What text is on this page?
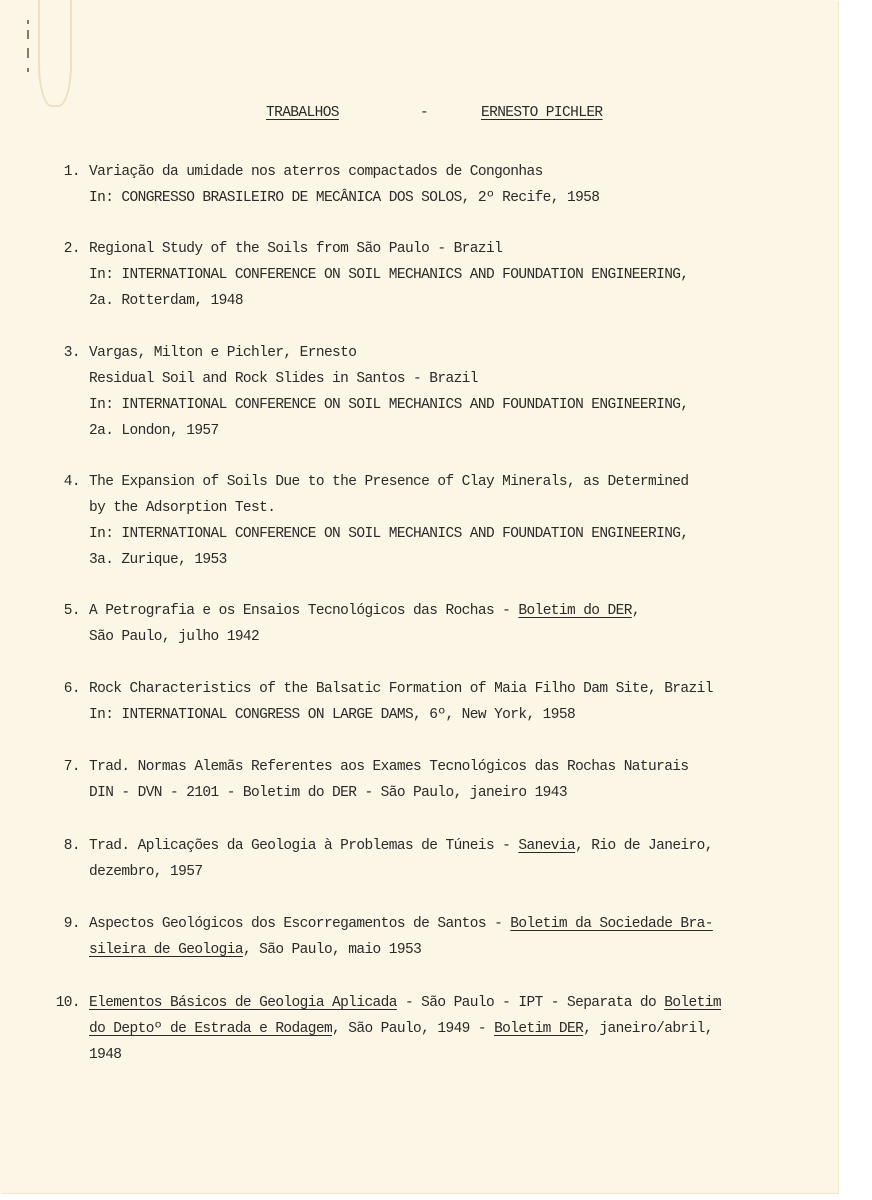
TRABALHOS	-	ERNESTO PICHLER
1. Variação da umidade nos aterros compactados de Congonhas
In: CONGRESSO BRASILEIRO DE MECÂNICA DOS SOLOS, 2º Recife, 1958
2. Regional Study of the Soils from São Paulo - Brazil
In: INTERNATIONAL CONFERENCE ON SOIL MECHANICS AND FOUNDATION ENGINEERING,
2a. Rotterdam, 1948
3. Vargas, Milton e Pichler, Ernesto
Residual Soil and Rock Slides in Santos - Brazil
In: INTERNATIONAL CONFERENCE ON SOIL MECHANICS AND FOUNDATION ENGINEERING,
2a. London, 1957
4. The Expansion of Soils Due to the Presence of Clay Minerals, as Determined
by the Adsorption Test.
In: INTERNATIONAL CONFERENCE ON SOIL MECHANICS AND FOUNDATION ENGINEERING,
3a. Zurique, 1953
5. A Petrografia e os Ensaios Tecnológicos das Rochas - Boletim do DER,
São Paulo, julho 1942
6. Rock Characteristics of the Balsatic Formation of Maia Filho Dam Site, Brazil
In: INTERNATIONAL CONGRESS ON LARGE DAMS, 6º, New York, 1958
7. Trad. Normas Alemãs Referentes aos Exames Tecnológicos das Rochas Naturais
DIN - DVN - 2101 - Boletim do DER - São Paulo, janeiro 1943
8. Trad. Aplicações da Geologia à Problemas de Túneis - Sanevia, Rio de Janeiro,
dezembro, 1957
9. Aspectos Geológicos dos Escorregamentos de Santos - Boletim da Sociedade Bra-
sileira de Geologia, São Paulo, maio 1953
10. Elementos Básicos de Geologia Aplicada - São Paulo - IPT - Separata do Boletim
do Deptoº de Estrada e Rodagem, São Paulo, 1949 - Boletim DER, janeiro/abril,
1948
